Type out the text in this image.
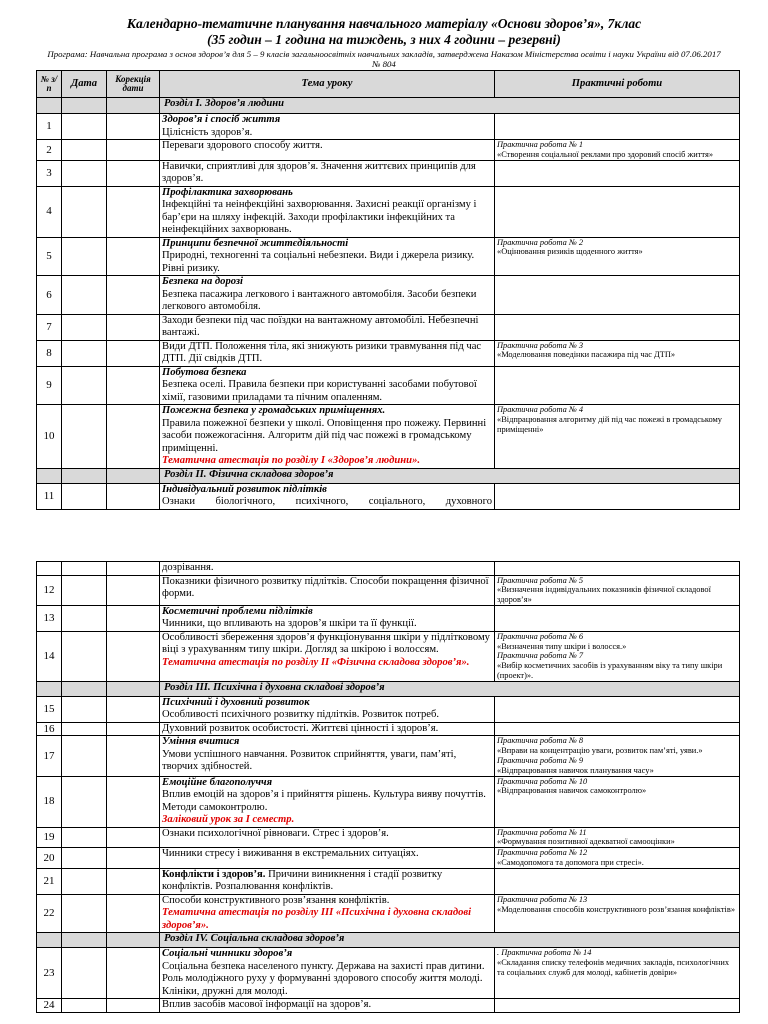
Календарно-тематичне планування навчального матеріалу «Основи здоров’я», 7клас
(35 годин – 1 година на тиждень, з них 4 години – резервні)
Програма: Навчальна програма з основ здоров’я для 5 – 9 класів загальноосвітніх навчальних закладів, затверджена Наказом Міністерства освіти і науки України від 07.06.2017 № 804
№ з/п	Дата	Корекція дати	Тема уроку	Практичні роботи
			Розділ І. Здоров’я людини	
1			Здоров’я і спосіб життя
Цілісність здоров’я.	
2			Переваги здорового способу життя.	Практична робота № 1
«Створення соціальної реклами про здоровий спосіб життя»

3			Навички, сприятливі для здоров’я. Значення життєвих принципів для здоров’я.	
4			Профілактика захворювань
Інфекційні та неінфекційні захворювання. Захисні реакції організму і бар’єри на шляху інфекцій. Заходи профілактики інфекційних та неінфекційних захворювань.	
5			Принципи безпечної життєдіяльності
Природні, техногенні та соціальні небезпеки. Види і джерела ризику. Рівні ризику.	Практична робота № 2
«Оцінювання ризиків щоденного життя»

6			Безпека на дорозі
Безпека пасажира легкового і вантажного автомобіля. Засоби безпеки легкового автомобіля.	
7			Заходи безпеки під час поїздки на вантажному автомобілі. Небезпечні вантажі.	
8			Види ДТП. Положення тіла, які знижують ризики травмування під час ДТП. Дії свідків ДТП.	Практична робота № 3
«Моделювання поведінки пасажира під час ДТП»

9			Побутова безпека
Безпека оселі. Правила безпеки при користуванні засобами побутової хімії, газовими приладами та пічним опаленням.	
10			Пожежна безпека у громадських приміщеннях.
Правила пожежної безпеки у школі. Оповіщення про пожежу. Первинні засоби пожежогасіння. Алгоритм дій під час пожежі в громадському приміщенні.
Тематична атестація по розділу І «Здоров’я людини».	Практична робота № 4
«Відпрацювання алгоритму дій під час пожежі в громадському приміщенні»

			Розділ ІІ. Фізична складова здоров’я	
11			Індивідуальний розвиток підлітків
Ознаки біологічного, психічного, соціального, духовного	

			дозрівання.	
12			Показники фізичного розвитку підлітків. Способи покращення фізичної форми.	Практична робота № 5
«Визначення індивідуальних показників фізичної складової здоров’я»

13			Косметичні проблеми підлітків
Чинники, що впливають на здоров’я шкіри та її функції.	
14			Особливості збереження здоров’я функціонування шкіри у підлітковому віці з урахуванням типу шкіри. Догляд за шкірою і волоссям.
Тематична атестація по розділу ІІ «Фізична складова здоров’я».	Практична робота № 6
«Визначення типу шкіри і волосся.»
Практична робота № 7
«Вибір косметичних засобів із урахуванням віку та типу шкіри (проект)».

			Розділ ІІІ. Психічна і духовна складові здоров’я	
15			Психічний і духовний розвиток
Особливості психічного розвитку підлітків. Розвиток потреб.	
16			Духовний розвиток особистості. Життєві цінності і здоров’я.	
17			Уміння вчитися
Умови успішного навчання. Розвиток сприйняття, уваги, пам’яті, творчих здібностей.	Практична робота № 8
«Вправи на концентрацію уваги, розвиток пам’яті, уяви.»
Практична робота № 9
«Відпрацювання навичок планування часу»

18			Емоційне благополуччя
Вплив емоцій на здоров’я і прийняття рішень. Культура вияву почуттів. Методи самоконтролю.
Заліковий урок за І семестр.	Практична робота № 10
«Відпрацювання навичок самоконтролю»

19			Ознаки психологічної рівноваги. Стрес і здоров’я.	Практична робота № 11
«Формування позитивної адекватної самооцінки»

20			Чинники стресу і виживання в екстремальних ситуаціях.	Практична робота № 12
«Самодопомога та допомога при стресі».

21			Конфлікти і здоров’я. Причини виникнення і стадії розвитку конфліктів. Розпалювання конфліктів.	
22			Способи конструктивного розв’язання конфліктів.
Тематична атестація по розділу ІІІ «Психічна і духовна складові здоров’я».	Практична робота № 13
«Моделювання способів конструктивного розв’язання конфліктів»

			Розділ IV. Соціальна складова здоров’я	
23			Соціальні чинники здоров’я
Соціальна безпека населеного пункту. Держава на захисті прав дитини. Роль молодіжного руху у формуванні здорового способу життя молоді. Клініки, дружні для молоді.	. Практична робота № 14
«Складання списку телефонів медичних закладів, психологічних та соціальних служб для молоді, кабінетів довіри»

24			Вплив засобів масової інформації на здоров’я.	
